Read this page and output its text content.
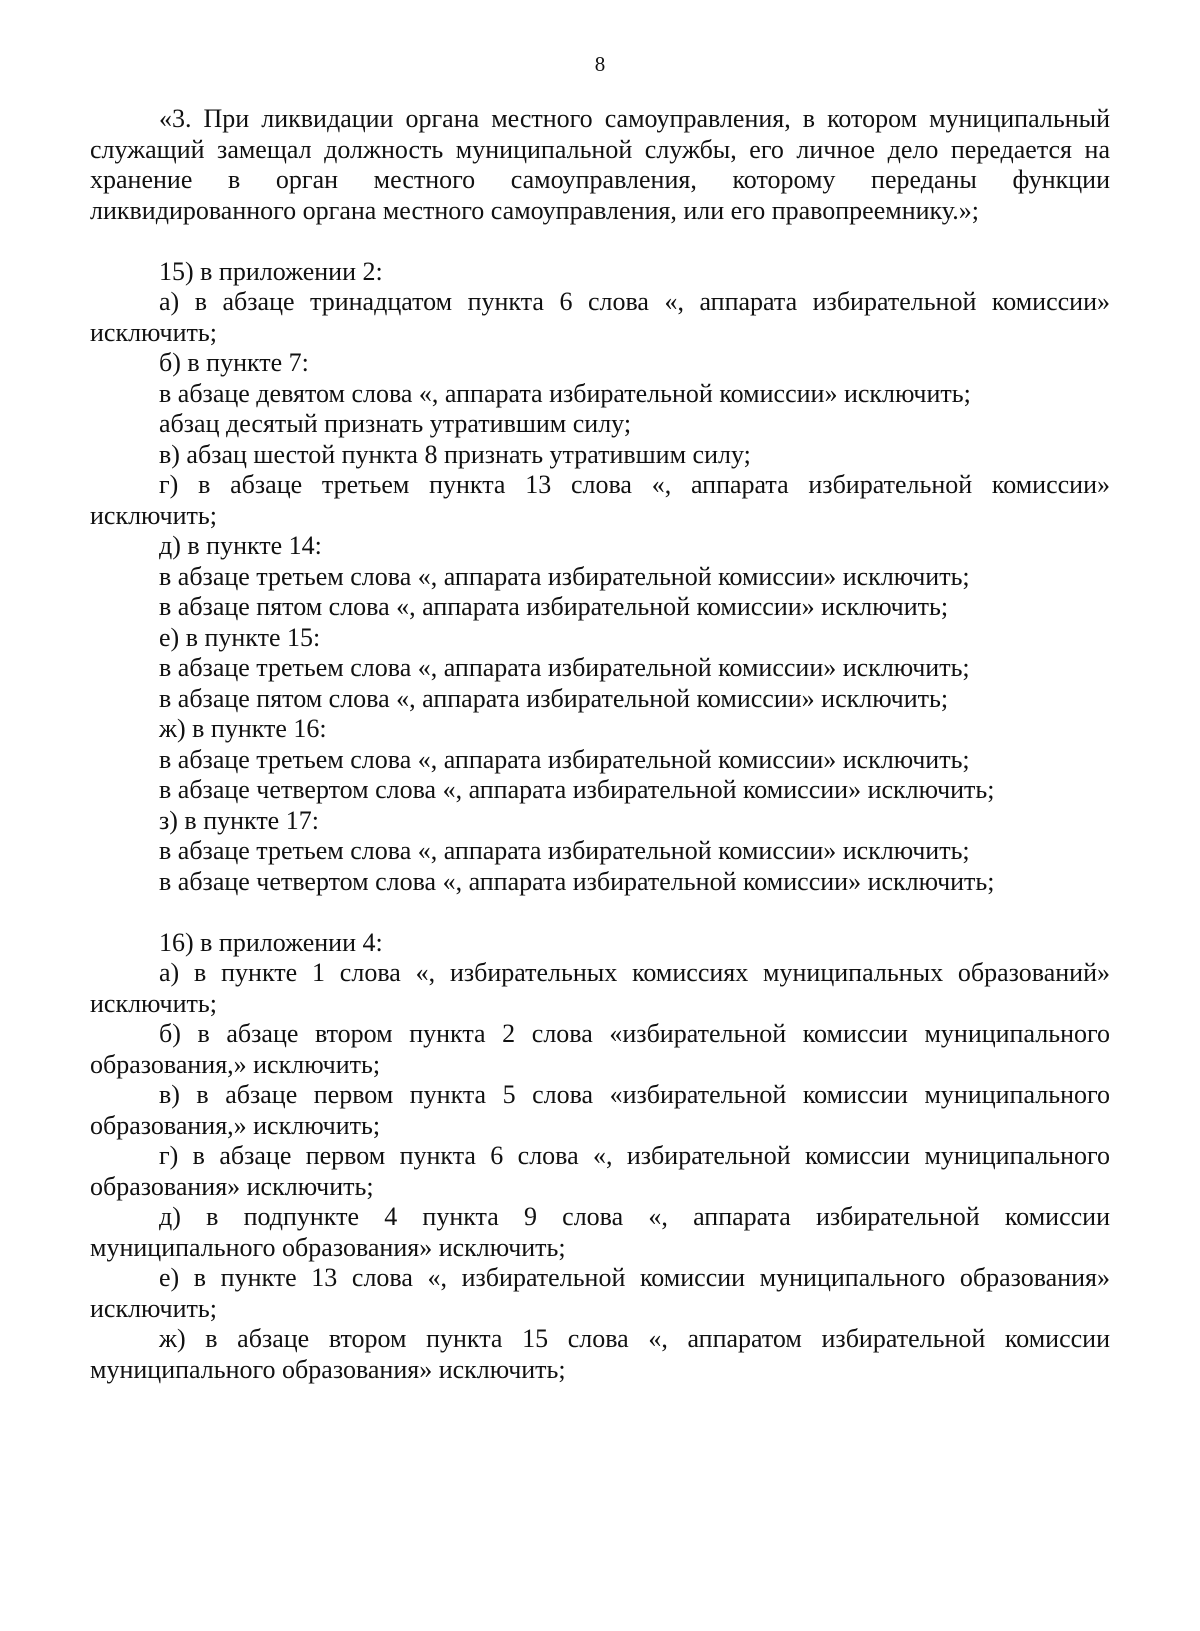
8

«3. При ликвидации органа местного самоуправления, в котором муниципальный служащий замещал должность муниципальной службы, его личное дело передается на хранение в орган местного самоуправления, которому переданы функции ликвидированного органа местного самоуправления, или его правопреемнику.»;

15) в приложении 2:

а) в абзаце тринадцатом пункта 6 слова «, аппарата избирательной комиссии» исключить;

б) в пункте 7:

в абзаце девятом слова «, аппарата избирательной комиссии» исключить;

абзац десятый признать утратившим силу;

в) абзац шестой пункта 8 признать утратившим силу;

г) в абзаце третьем пункта 13 слова «, аппарата избирательной комиссии» исключить;

д) в пункте 14:

в абзаце третьем слова «, аппарата избирательной комиссии» исключить;

в абзаце пятом слова «, аппарата избирательной комиссии» исключить;

е) в пункте 15:

в абзаце третьем слова «, аппарата избирательной комиссии» исключить;

в абзаце пятом слова «, аппарата избирательной комиссии» исключить;

ж) в пункте 16:

в абзаце третьем слова «, аппарата избирательной комиссии» исключить;

в абзаце четвертом слова «, аппарата избирательной комиссии» исключить;

з) в пункте 17:

в абзаце третьем слова «, аппарата избирательной комиссии» исключить;

в абзаце четвертом слова «, аппарата избирательной комиссии» исключить;

16) в приложении 4:

а) в пункте 1 слова «, избирательных комиссиях муниципальных образований» исключить;

б) в абзаце втором пункта 2 слова «избирательной комиссии муниципального образования,» исключить;

в) в абзаце первом пункта 5 слова «избирательной комиссии муниципального образования,» исключить;

г) в абзаце первом пункта 6 слова «, избирательной комиссии муниципального образования» исключить;

д) в подпункте 4 пункта 9 слова «, аппарата избирательной комиссии муниципального образования» исключить;

е) в пункте 13 слова «, избирательной комиссии муниципального образования» исключить;

ж) в абзаце втором пункта 15 слова «, аппаратом избирательной комиссии муниципального образования» исключить;
